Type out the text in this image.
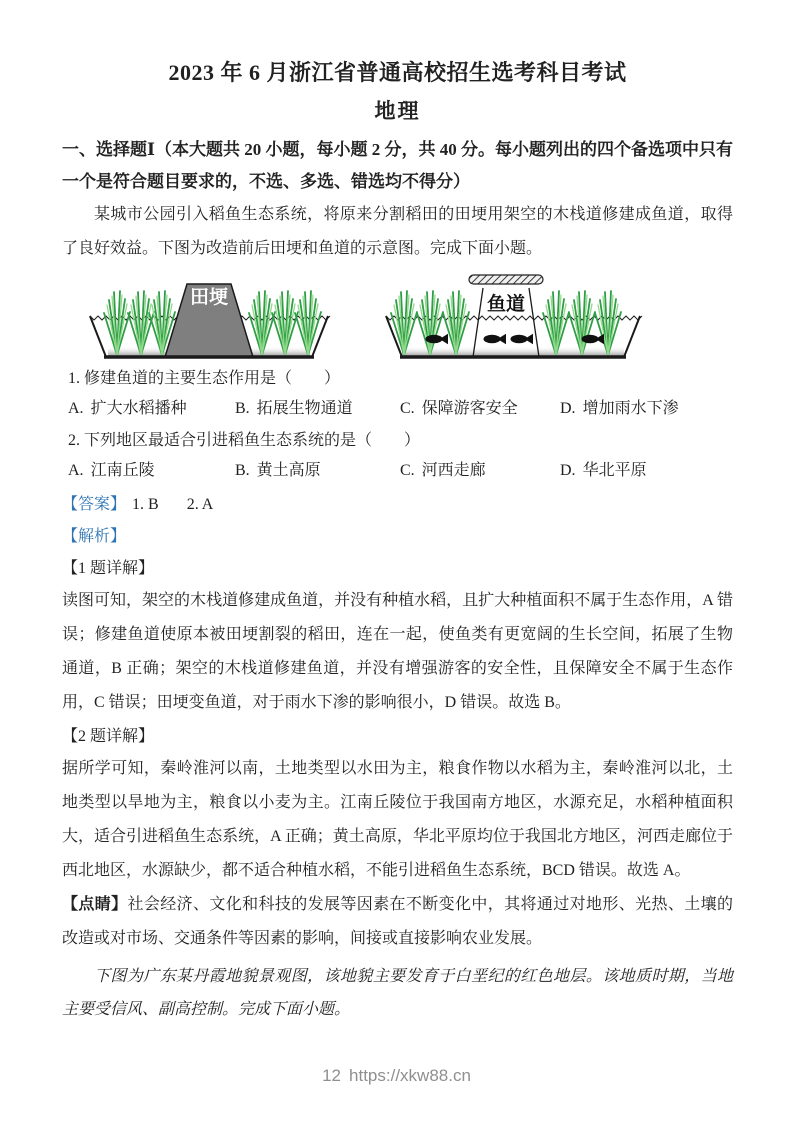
2023 年 6 月浙江省普通高校招生选考科目考试
地理

一、选择题Ⅰ（本大题共 20 小题，每小题 2 分，共 40 分。每小题列出的四个备选项中只有一个是符合题目要求的，不选、多选、错选均不得分）

某城市公园引入稻鱼生态系统，将原来分割稻田的田埂用架空的木栈道修建成鱼道，取得了良好效益。下图为改造前后田埂和鱼道的示意图。完成下面小题。

田埂	鱼道

1. 修建鱼道的主要生态作用是（　　）

A. 扩大水稻播种	B. 拓展生物通道	C. 保障游客安全	D. 增加雨水下渗

2. 下列地区最适合引进稻鱼生态系统的是（　　）

A. 江南丘陵	B. 黄土高原	C. 河西走廊	D. 华北平原

【答案】 1. B 2. A

【解析】

【1 题详解】

读图可知，架空的木栈道修建成鱼道，并没有种植水稻，且扩大种植面积不属于生态作用，A 错误；修建鱼道使原本被田埂割裂的稻田，连在一起，使鱼类有更宽阔的生长空间，拓展了生物通道，B 正确；架空的木栈道修建鱼道，并没有增强游客的安全性，且保障安全不属于生态作用，C 错误；田埂变鱼道，对于雨水下渗的影响很小，D 错误。故选 B。

【2 题详解】

据所学可知，秦岭淮河以南，土地类型以水田为主，粮食作物以水稻为主，秦岭淮河以北，土地类型以旱地为主，粮食以小麦为主。江南丘陵位于我国南方地区，水源充足，水稻种植面积大，适合引进稻鱼生态系统，A 正确；黄土高原，华北平原均位于我国北方地区，河西走廊位于西北地区，水源缺少，都不适合种植水稻，不能引进稻鱼生态系统，BCD 错误。故选 A。

【点睛】社会经济、文化和科技的发展等因素在不断变化中，其将通过对地形、光热、土壤的改造或对市场、交通条件等因素的影响，间接或直接影响农业发展。

下图为广东某丹霞地貌景观图，该地貌主要发育于白垩纪的红色地层。该地质时期，当地主要受信风、副高控制。完成下面小题。

12 https://xkw88.cn
